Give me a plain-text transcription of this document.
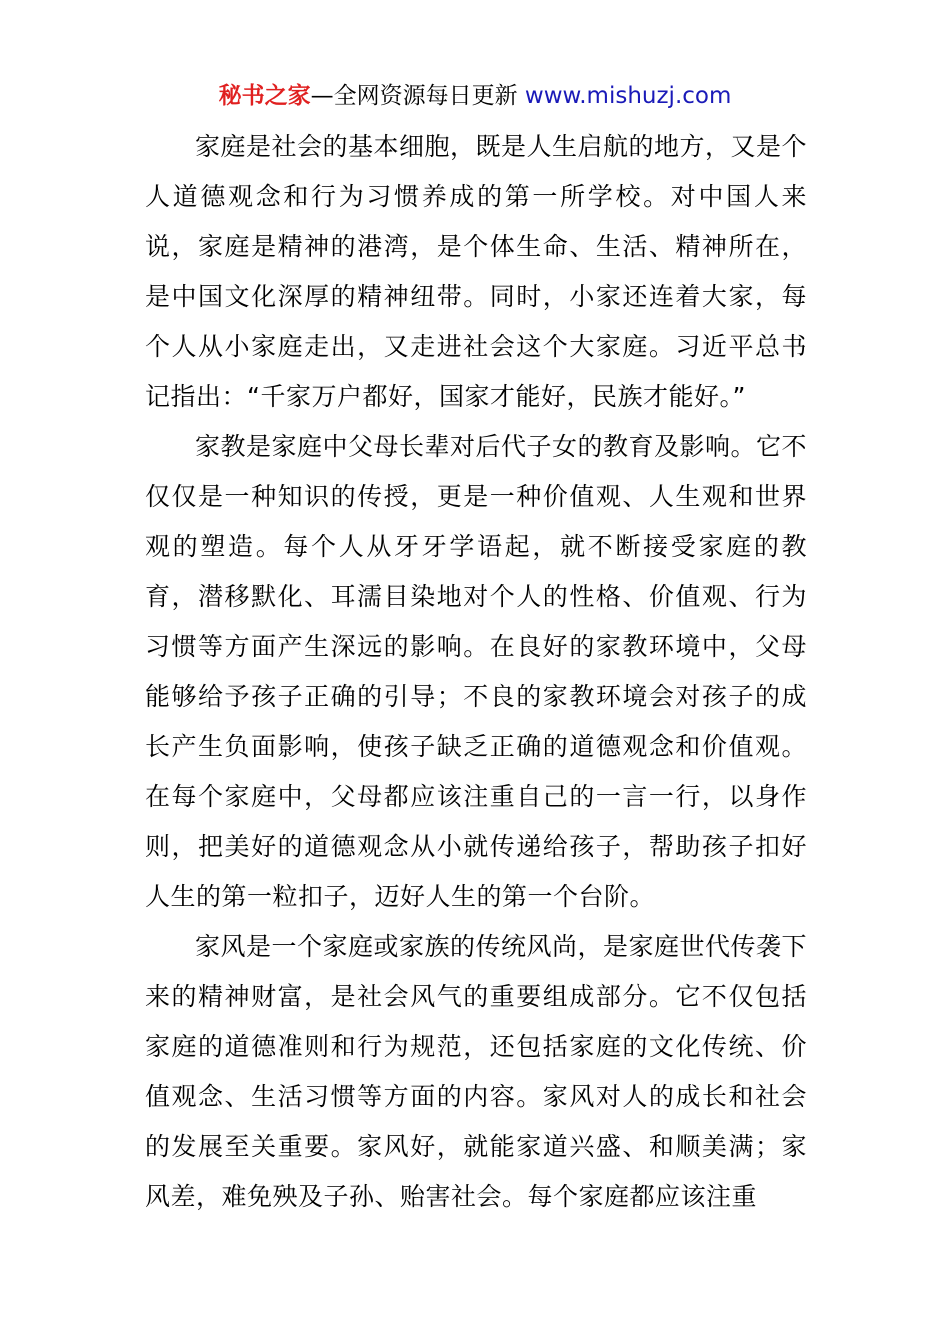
秘书之家—全网资源每日更新 www.mishuzj.com

家庭是社会的基本细胞，既是人生启航的地方，又是个人道德观念和行为习惯养成的第一所学校。对中国人来说，家庭是精神的港湾，是个体生命、生活、精神所在，是中国文化深厚的精神纽带。同时，小家还连着大家，每个人从小家庭走出，又走进社会这个大家庭。习近平总书记指出：“千家万户都好，国家才能好，民族才能好。”

家教是家庭中父母长辈对后代子女的教育及影响。它不仅仅是一种知识的传授，更是一种价值观、人生观和世界观的塑造。每个人从牙牙学语起，就不断接受家庭的教育，潜移默化、耳濡目染地对个人的性格、价值观、行为习惯等方面产生深远的影响。在良好的家教环境中，父母能够给予孩子正确的引导；不良的家教环境会对孩子的成长产生负面影响，使孩子缺乏正确的道德观念和价值观。在每个家庭中，父母都应该注重自己的一言一行，以身作则，把美好的道德观念从小就传递给孩子，帮助孩子扣好人生的第一粒扣子，迈好人生的第一个台阶。

家风是一个家庭或家族的传统风尚，是家庭世代传袭下来的精神财富，是社会风气的重要组成部分。它不仅包括家庭的道德准则和行为规范，还包括家庭的文化传统、价值观念、生活习惯等方面的内容。家风对人的成长和社会的发展至关重要。家风好，就能家道兴盛、和顺美满；家风差，难免殃及子孙、贻害社会。每个家庭都应该注重
